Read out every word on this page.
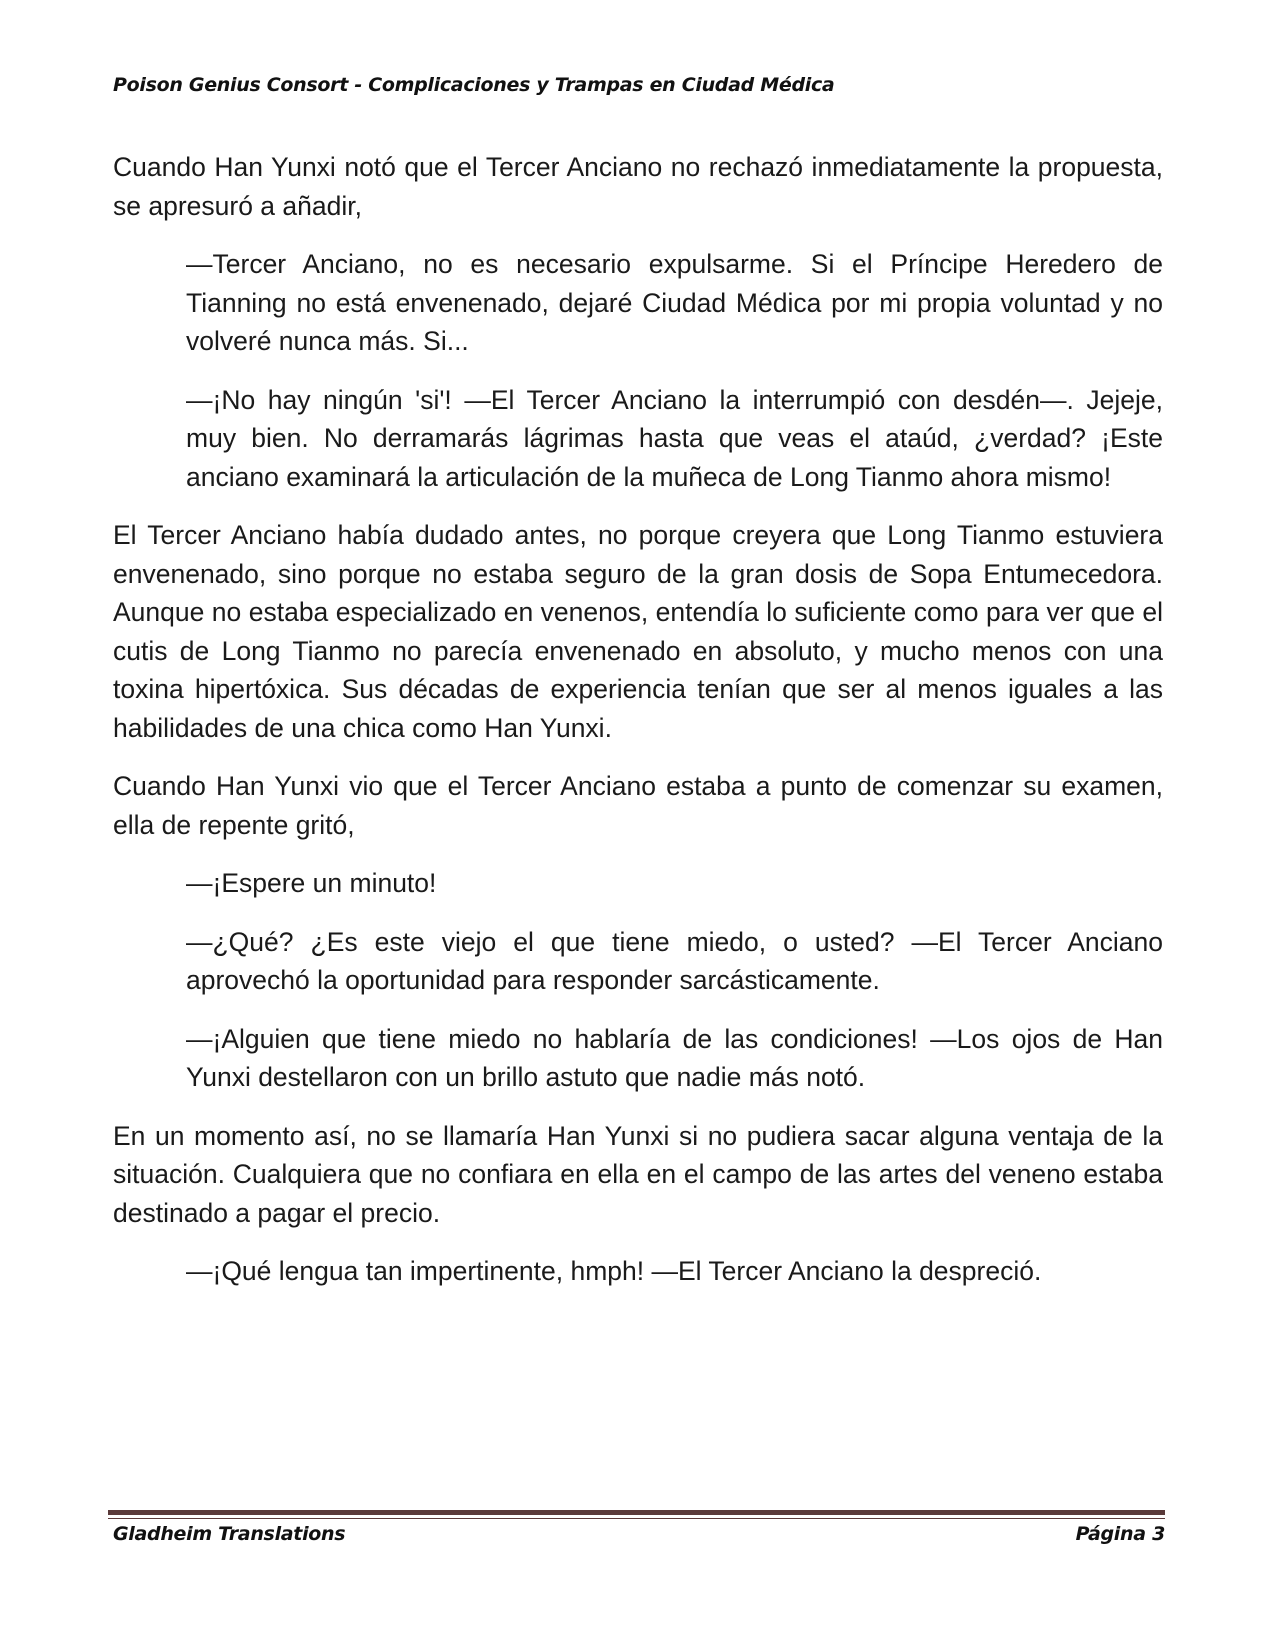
Poison Genius Consort - Complicaciones y Trampas en Ciudad Médica

Cuando Han Yunxi notó que el Tercer Anciano no rechazó inmediatamente la propuesta, se apresuró a añadir,

—Tercer Anciano, no es necesario expulsarme. Si el Príncipe Heredero de Tianning no está envenenado, dejaré Ciudad Médica por mi propia voluntad y no volveré nunca más. Si...

—¡No hay ningún 'si'! —El Tercer Anciano la interrumpió con desdén—. Jejeje, muy bien. No derramarás lágrimas hasta que veas el ataúd, ¿verdad? ¡Este anciano examinará la articulación de la muñeca de Long Tianmo ahora mismo!

El Tercer Anciano había dudado antes, no porque creyera que Long Tianmo estuviera envenenado, sino porque no estaba seguro de la gran dosis de Sopa Entumecedora. Aunque no estaba especializado en venenos, entendía lo suficiente como para ver que el cutis de Long Tianmo no parecía envenenado en absoluto, y mucho menos con una toxina hipertóxica. Sus décadas de experiencia tenían que ser al menos iguales a las habilidades de una chica como Han Yunxi.

Cuando Han Yunxi vio que el Tercer Anciano estaba a punto de comenzar su examen, ella de repente gritó,

—¡Espere un minuto!

—¿Qué? ¿Es este viejo el que tiene miedo, o usted? —El Tercer Anciano aprovechó la oportunidad para responder sarcásticamente.

—¡Alguien que tiene miedo no hablaría de las condiciones! —Los ojos de Han Yunxi destellaron con un brillo astuto que nadie más notó.

En un momento así, no se llamaría Han Yunxi si no pudiera sacar alguna ventaja de la situación. Cualquiera que no confiara en ella en el campo de las artes del veneno estaba destinado a pagar el precio.

—¡Qué lengua tan impertinente, hmph! —El Tercer Anciano la despreció.

Gladheim Translations	Página 3
